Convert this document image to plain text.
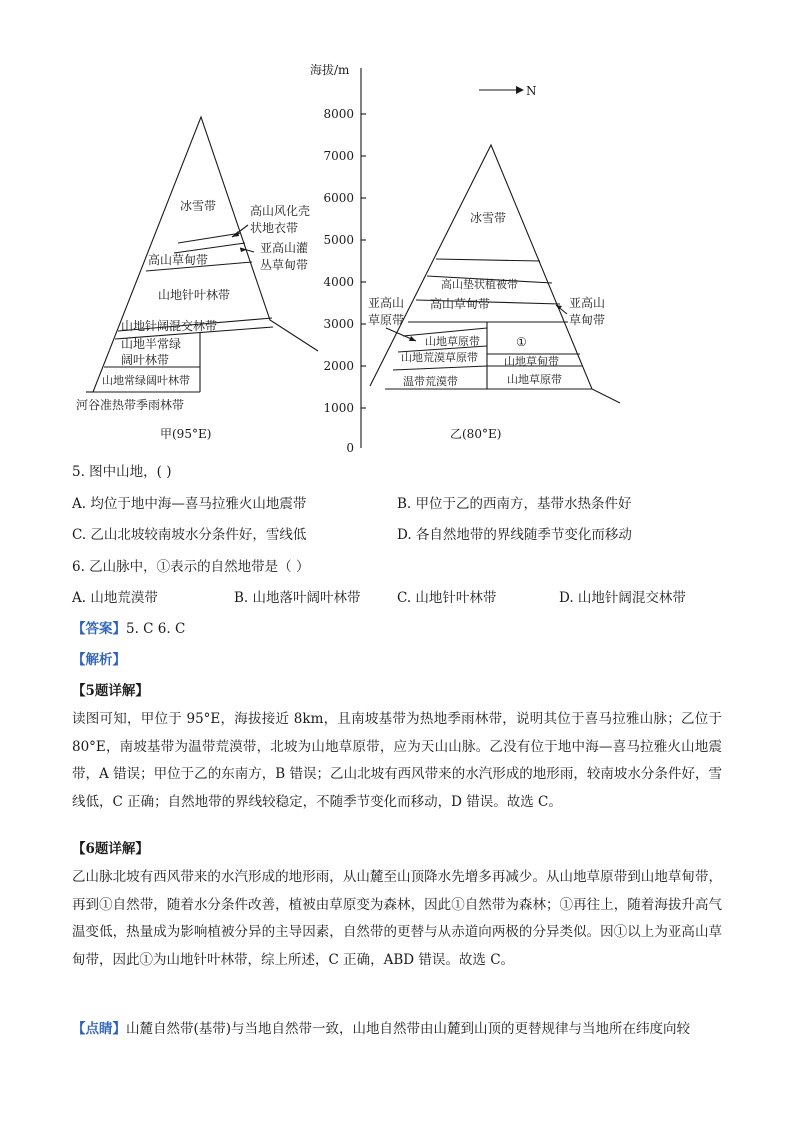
海拔/m
8000
7000
6000
5000
4000
3000
2000
1000
0
N
冰雪带
高山草甸带
山地针叶林带
山地针阔混交林带
山地半常绿
阔叶林带
山地常绿阔叶林带
河谷准热带季雨林带
高山风化壳
状地衣带
亚高山灌
丛草甸带
甲(95°E)
冰雪带
高山垫状植被带
高山草甸带
山地草原带
山地荒漠草原带
温带荒漠带
①
山地草甸带
山地草原带
亚高山
草原带
亚高山
草甸带
乙(80°E)
5. 图中山地，( )
A. 均位于地中海—喜马拉雅火山地震带	B. 甲位于乙的西南方，基带水热条件好
C. 乙山北坡较南坡水分条件好，雪线低	D. 各自然地带的界线随季节变化而移动
6. 乙山脉中，①表示的自然地带是（ ）
A. 山地荒漠带	B. 山地落叶阔叶林带	C. 山地针叶林带	D. 山地针阔混交林带
【答案】5. C 6. C
【解析】
【5题详解】
读图可知，甲位于 95°E，海拔接近 8km，且南坡基带为热地季雨林带，说明其位于喜马拉雅山脉；乙位于 80°E，南坡基带为温带荒漠带，北坡为山地草原带，应为天山山脉。乙没有位于地中海—喜马拉雅火山地震带，A 错误；甲位于乙的东南方，B 错误；乙山北坡有西风带来的水汽形成的地形雨，较南坡水分条件好，雪线低，C 正确；自然地带的界线较稳定，不随季节变化而移动，D 错误。故选 C。
【6题详解】
乙山脉北坡有西风带来的水汽形成的地形雨，从山麓至山顶降水先增多再减少。从山地草原带到山地草甸带，再到①自然带，随着水分条件改善，植被由草原变为森林，因此①自然带为森林；①再往上，随着海拔升高气温变低，热量成为影响植被分异的主导因素，自然带的更替与从赤道向两极的分异类似。因①以上为亚高山草甸带，因此①为山地针叶林带，综上所述，C 正确，ABD 错误。故选 C。
【点睛】山麓自然带(基带)与当地自然带一致，山地自然带由山麓到山顶的更替规律与当地所在纬度向较
